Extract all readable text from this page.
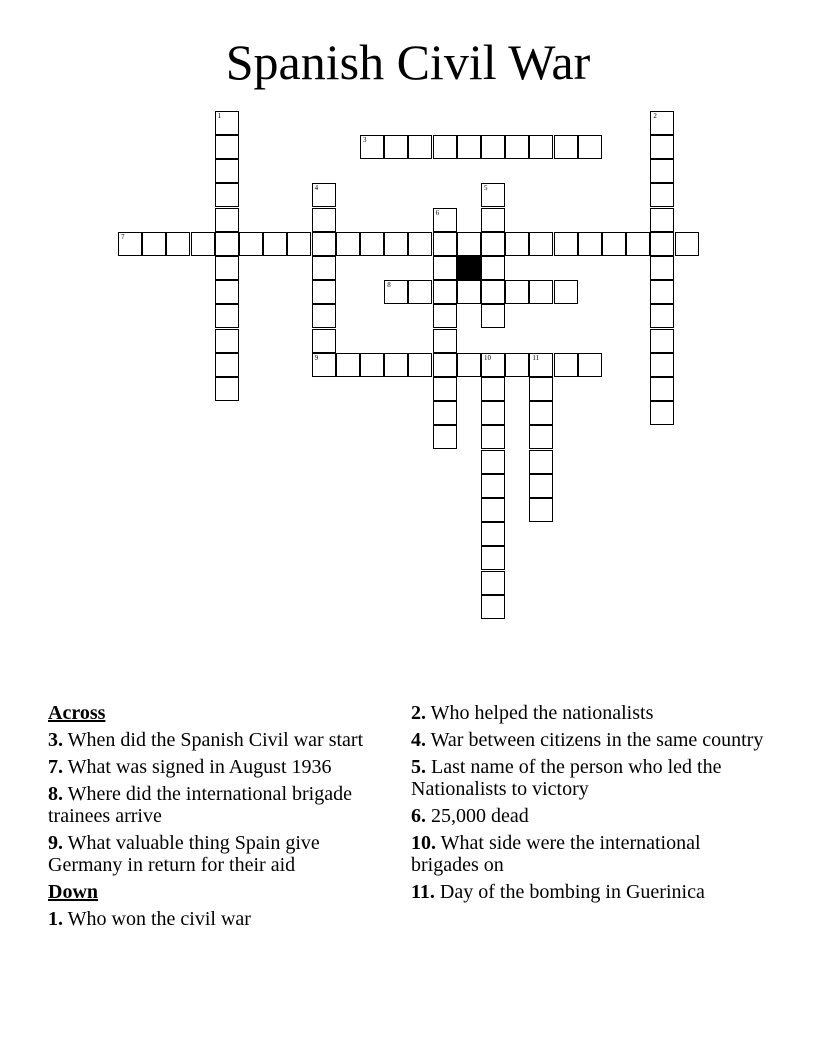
Spanish Civil War
1	2
3
4	5
6
7
8
9	10	11
Across
3. When did the Spanish Civil war start
7. What was signed in August 1936
8. Where did the international brigade trainees arrive
9. What valuable thing Spain give Germany in return for their aid
Down
1. Who won the civil war
2. Who helped the nationalists
4. War between citizens in the same country
5. Last name of the person who led the Nationalists to victory
6. 25,000 dead
10. What side were the international brigades on
11. Day of the bombing in Guerinica
